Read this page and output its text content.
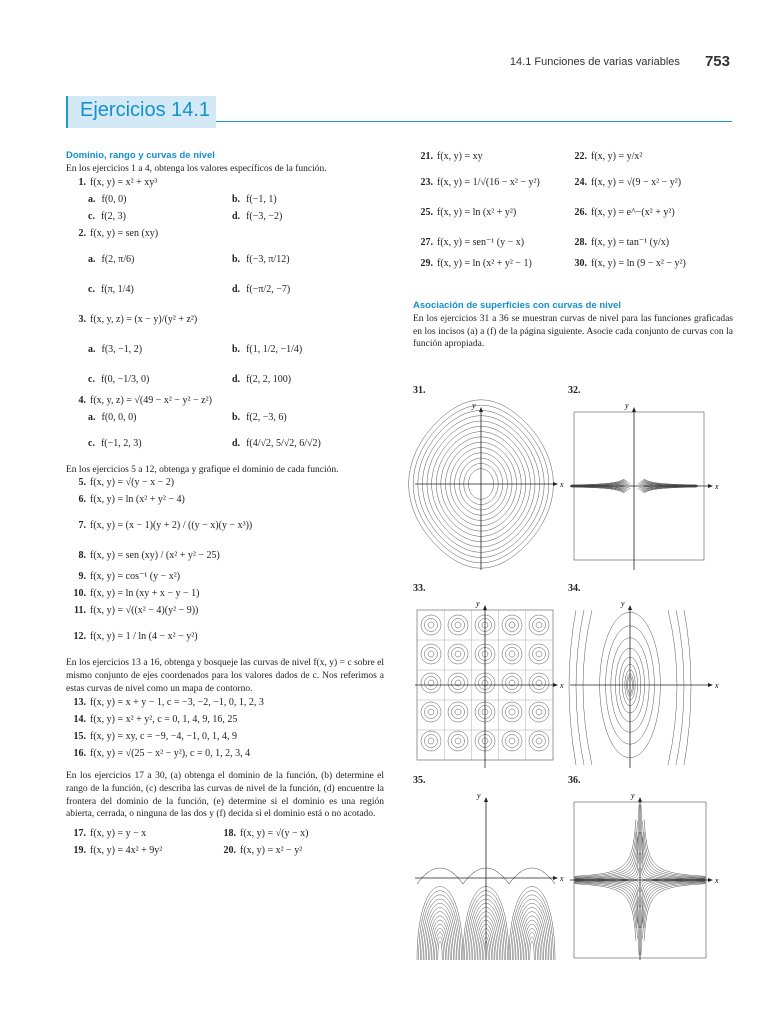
14.1 Funciones de varias variables 753
Ejercicios 14.1
Dominio, rango y curvas de nivel
En los ejercicios 1 a 4, obtenga los valores específicos de la función.
1. f(x, y) = x² + xy³
a. f(0, 0)	b. f(−1, 1)
c. f(2, 3)	d. f(−3, −2)
2. f(x, y) = sen (xy)
a. f(2, π/6)	b. f(−3, π/12)
c. f(π, 1/4)	d. f(−π/2, −7)
3. f(x, y, z) = (x − y)/(y² + z²)
a. f(3, −1, 2)	b. f(1, 1/2, −1/4)
c. f(0, −1/3, 0)	d. f(2, 2, 100)
4. f(x, y, z) = √(49 − x² − y² − z²)
a. f(0, 0, 0)	b. f(2, −3, 6)
c. f(−1, 2, 3)	d. f(4/√2, 5/√2, 6/√2)
En los ejercicios 5 a 12, obtenga y grafique el dominio de cada función.
5. f(x, y) = √(y − x − 2)
6. f(x, y) = ln (x² + y² − 4)
7. f(x, y) = (x − 1)(y + 2) / ((y − x)(y − x³))
8. f(x, y) = sen (xy) / (x² + y² − 25)
9. f(x, y) = cos⁻¹ (y − x²)
10. f(x, y) = ln (xy + x − y − 1)
11. f(x, y) = √((x² − 4)(y² − 9))
12. f(x, y) = 1 / ln (4 − x² − y²)
En los ejercicios 13 a 16, obtenga y bosqueje las curvas de nivel f(x, y) = c sobre el mismo conjunto de ejes coordenados para los valores dados de c. Nos referimos a estas curvas de nivel como un mapa de contorno.
13. f(x, y) = x + y − 1, c = −3, −2, −1, 0, 1, 2, 3
14. f(x, y) = x² + y², c = 0, 1, 4, 9, 16, 25
15. f(x, y) = xy, c = −9, −4, −1, 0, 1, 4, 9
16. f(x, y) = √(25 − x² − y²), c = 0, 1, 2, 3, 4
En los ejercicios 17 a 30, (a) obtenga el dominio de la función, (b) determine el rango de la función, (c) describa las curvas de nivel de la función, (d) encuentre la frontera del dominio de la función, (e) determine si el dominio es una región abierta, cerrada, o ninguna de las dos y (f) decida si el dominio está o no acotado.
17. f(x, y) = y − x	18. f(x, y) = √(y − x)
19. f(x, y) = 4x² + 9y²	20. f(x, y) = x² − y²
21. f(x, y) = xy	22. f(x, y) = y/x²
23. f(x, y) = 1/√(16 − x² − y²)	24. f(x, y) = √(9 − x² − y²)
25. f(x, y) = ln (x² + y²)	26. f(x, y) = e^−(x² + y²)
27. f(x, y) = sen⁻¹ (y − x)	28. f(x, y) = tan⁻¹ (y/x)
29. f(x, y) = ln (x² + y² − 1)	30. f(x, y) = ln (9 − x² − y²)
Asociación de superficies con curvas de nivel
En los ejercicios 31 a 36 se muestran curvas de nivel para las funciones graficadas en los incisos (a) a (f) de la página siguiente. Asocie cada conjunto de curvas con la función apropiada.
31.
x
y
32.
x
y
33.
x
y
34.
x
y
35.
x
y
36.
x
y
